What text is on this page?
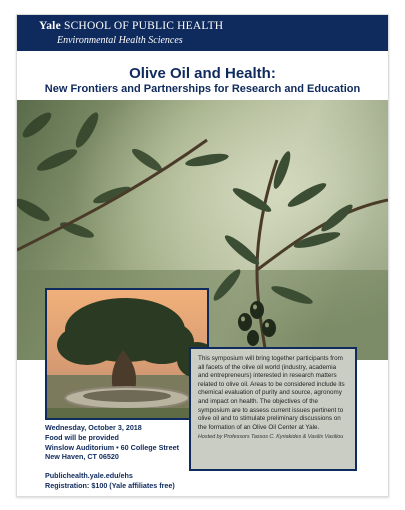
Yale SCHOOL OF PUBLIC HEALTH
Environmental Health Sciences
Olive Oil and Health:
New Frontiers and Partnerships for Research and Education
Wednesday, October 3, 2018
Food will be provided
Winslow Auditorium • 60 College Street
New Haven, CT 06520
Publichealth.yale.edu/ehs
Registration: $100 (Yale affiliates free)
This symposium will bring together participants from all facets of the olive oil world (industry, academia and entrepreneurs) interested in research matters related to olive oil. Areas to be considered include its chemical evaluation of purity and source, agronomy and impact on health. The objectives of the symposium are to assess current issues pertinent to olive oil and to stimulate preliminary discussions on the formation of an Olive Oil Center at Yale.
Hosted by Professors Tassos C. Kyriakides & Vasilis Vasiliou
